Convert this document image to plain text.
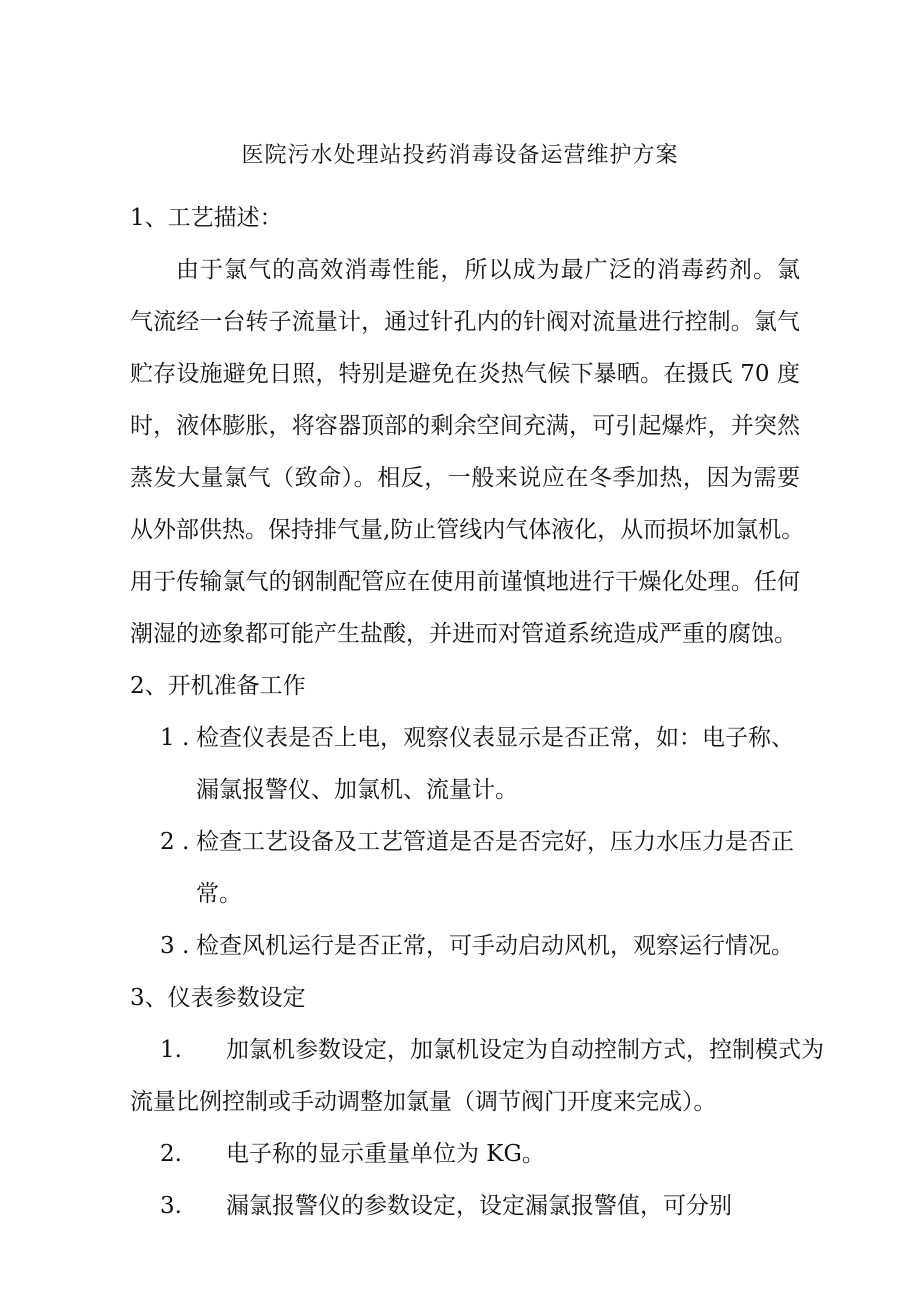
医院污水处理站投药消毒设备运营维护方案
1、工艺描述：
由于氯气的高效消毒性能，所以成为最广泛的消毒药剂。氯
气流经一台转子流量计，通过针孔内的针阀对流量进行控制。氯气
贮存设施避免日照，特别是避免在炎热气候下暴晒。在摄氏 70 度
时，液体膨胀，将容器顶部的剩余空间充满，可引起爆炸，并突然
蒸发大量氯气（致命）。相反，一般来说应在冬季加热，因为需要
从外部供热。保持排气量,防止管线内气体液化，从而损坏加氯机。
用于传输氯气的钢制配管应在使用前谨慎地进行干燥化处理。任何
潮湿的迹象都可能产生盐酸，并进而对管道系统造成严重的腐蚀。
2、开机准备工作
1 . 检查仪表是否上电，观察仪表显示是否正常，如：电子称、
漏氯报警仪、加氯机、流量计。
2 . 检查工艺设备及工艺管道是否是否完好，压力水压力是否正
常。
3 . 检查风机运行是否正常，可手动启动风机，观察运行情况。
3、仪表参数设定
1. 加氯机参数设定，加氯机设定为自动控制方式，控制模式为
流量比例控制或手动调整加氯量（调节阀门开度来完成）。
2. 电子称的显示重量单位为 KG。
3. 漏氯报警仪的参数设定，设定漏氯报警值，可分别
